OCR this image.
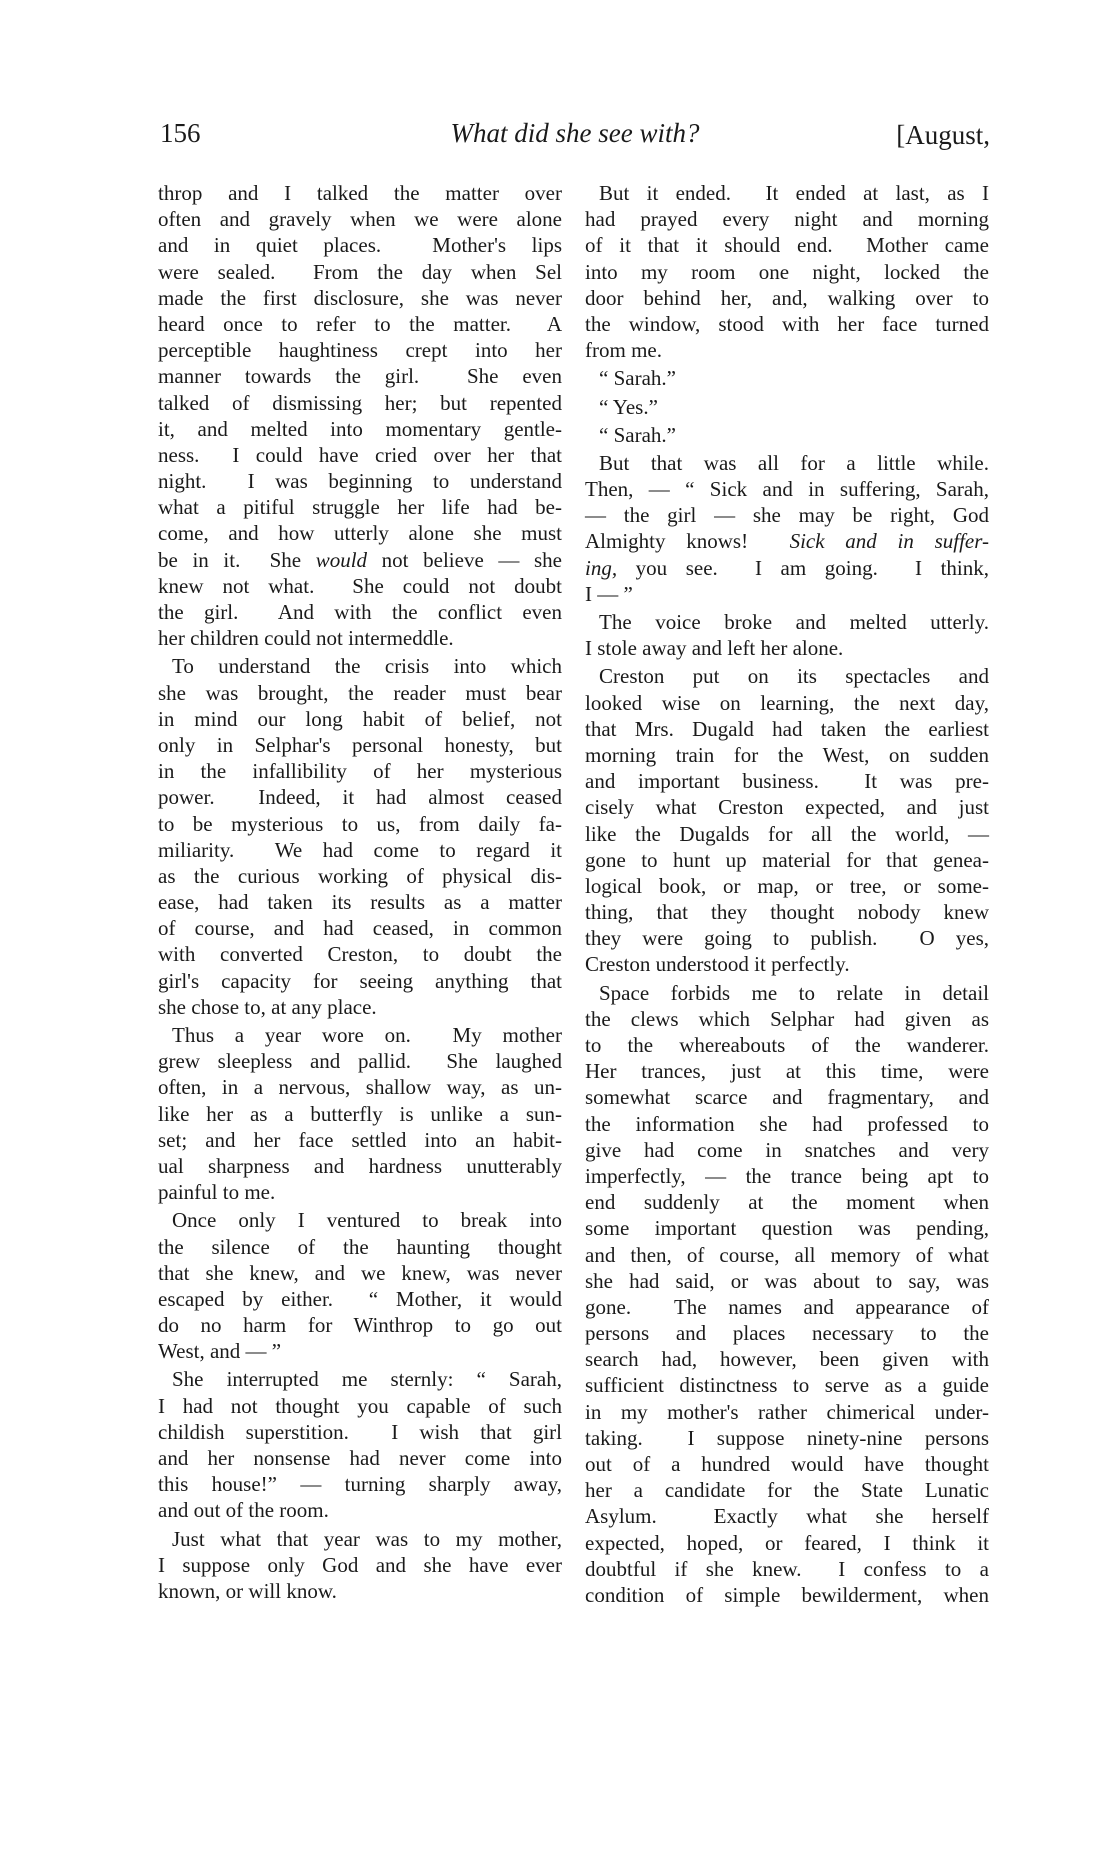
156	What did she see with?	[August,
throp and I talked the matter over
often and gravely when we were alone
and in quiet places.  Mother's lips
were sealed.  From the day when Sel
made the first disclosure, she was never
heard once to refer to the matter.  A
perceptible haughtiness crept into her
manner towards the girl.  She even
talked of dismissing her; but repented
it, and melted into momentary gentle-
ness.  I could have cried over her that
night.  I was beginning to understand
what a pitiful struggle her life had be-
come, and how utterly alone she must
be in it.  She would not believe — she
knew not what.  She could not doubt
the girl.  And with the conflict even
her children could not intermeddle.
To understand the crisis into which
she was brought, the reader must bear
in mind our long habit of belief, not
only in Selphar's personal honesty, but
in the infallibility of her mysterious
power.  Indeed, it had almost ceased
to be mysterious to us, from daily fa-
miliarity.  We had come to regard it
as the curious working of physical dis-
ease, had taken its results as a matter
of course, and had ceased, in common
with converted Creston, to doubt the
girl's capacity for seeing anything that
she chose to, at any place.
Thus a year wore on.  My mother
grew sleepless and pallid.  She laughed
often, in a nervous, shallow way, as un-
like her as a butterfly is unlike a sun-
set; and her face settled into an habit-
ual sharpness and hardness unutterably
painful to me.
Once only I ventured to break into
the silence of the haunting thought
that she knew, and we knew, was never
escaped by either.  “ Mother, it would
do no harm for Winthrop to go out
West, and — ”
She interrupted me sternly: “ Sarah,
I had not thought you capable of such
childish superstition.  I wish that girl
and her nonsense had never come into
this house!” — turning sharply away,
and out of the room.
Just what that year was to my mother,
I suppose only God and she have ever
known, or will know.
But it ended.  It ended at last, as I
had prayed every night and morning
of it that it should end.  Mother came
into my room one night, locked the
door behind her, and, walking over to
the window, stood with her face turned
from me.
“ Sarah.”
“ Yes.”
“ Sarah.”
But that was all for a little while.
Then, — “ Sick and in suffering, Sarah,
— the girl — she may be right, God
Almighty knows!  Sick and in suffer-
ing, you see.  I am going.  I think,
I — ”
The voice broke and melted utterly.
I stole away and left her alone.
Creston put on its spectacles and
looked wise on learning, the next day,
that Mrs. Dugald had taken the earliest
morning train for the West, on sudden
and important business.  It was pre-
cisely what Creston expected, and just
like the Dugalds for all the world, —
gone to hunt up material for that genea-
logical book, or map, or tree, or some-
thing, that they thought nobody knew
they were going to publish.  O yes,
Creston understood it perfectly.
Space forbids me to relate in detail
the clews which Selphar had given as
to the whereabouts of the wanderer.
Her trances, just at this time, were
somewhat scarce and fragmentary, and
the information she had professed to
give had come in snatches and very
imperfectly, — the trance being apt to
end suddenly at the moment when
some important question was pending,
and then, of course, all memory of what
she had said, or was about to say, was
gone.  The names and appearance of
persons and places necessary to the
search had, however, been given with
sufficient distinctness to serve as a guide
in my mother's rather chimerical under-
taking.  I suppose ninety-nine persons
out of a hundred would have thought
her a candidate for the State Lunatic
Asylum.  Exactly what she herself
expected, hoped, or feared, I think it
doubtful if she knew.  I confess to a
condition of simple bewilderment, when
